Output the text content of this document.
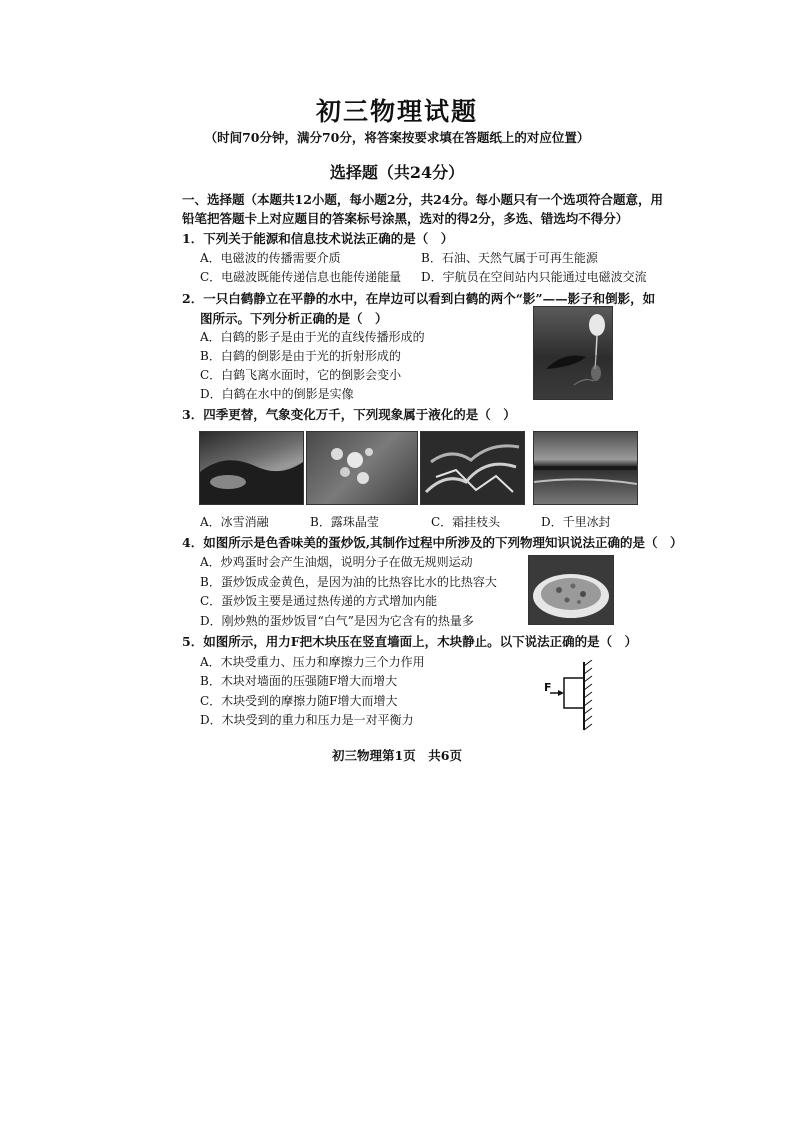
初三物理试题
（时间70分钟，满分70分，将答案按要求填在答题纸上的对应位置）
选择题（共24分）
一、选择题（本题共12小题，每小题2分，共24分。每小题只有一个选项符合题意，用
铅笔把答题卡上对应题目的答案标号涂黑，选对的得2分，多选、错选均不得分）
1．下列关于能源和信息技术说法正确的是（　）
A．电磁波的传播需要介质	B．石油、天然气属于可再生能源
C．电磁波既能传递信息也能传递能量 D．宇航员在空间站内只能通过电磁波交流
2．一只白鹤静立在平静的水中，在岸边可以看到白鹤的两个“影”——影子和倒影，如
图所示。下列分析正确的是（　）
A．白鹤的影子是由于光的直线传播形成的
B．白鹤的倒影是由于光的折射形成的
C．白鹤飞离水面时，它的倒影会变小
D．白鹤在水中的倒影是实像
3．四季更替，气象变化万千，下列现象属于液化的是（　）
A．冰雪消融	B．露珠晶莹	C．霜挂枝头	D．千里冰封
4．如图所示是色香味美的蛋炒饭,其制作过程中所涉及的下列物理知识说法正确的是（　）
A．炒鸡蛋时会产生油烟，说明分子在做无规则运动
B．蛋炒饭成金黄色，是因为油的比热容比水的比热容大
C．蛋炒饭主要是通过热传递的方式增加内能
D．刚炒熟的蛋炒饭冒“白气”是因为它含有的热量多
5．如图所示，用力F把木块压在竖直墙面上，木块静止。以下说法正确的是（　）
A．木块受重力、压力和摩擦力三个力作用
B．木块对墙面的压强随F增大而增大
C．木块受到的摩擦力随F增大而增大
D．木块受到的重力和压力是一对平衡力
F
初三物理第1页　共6页
